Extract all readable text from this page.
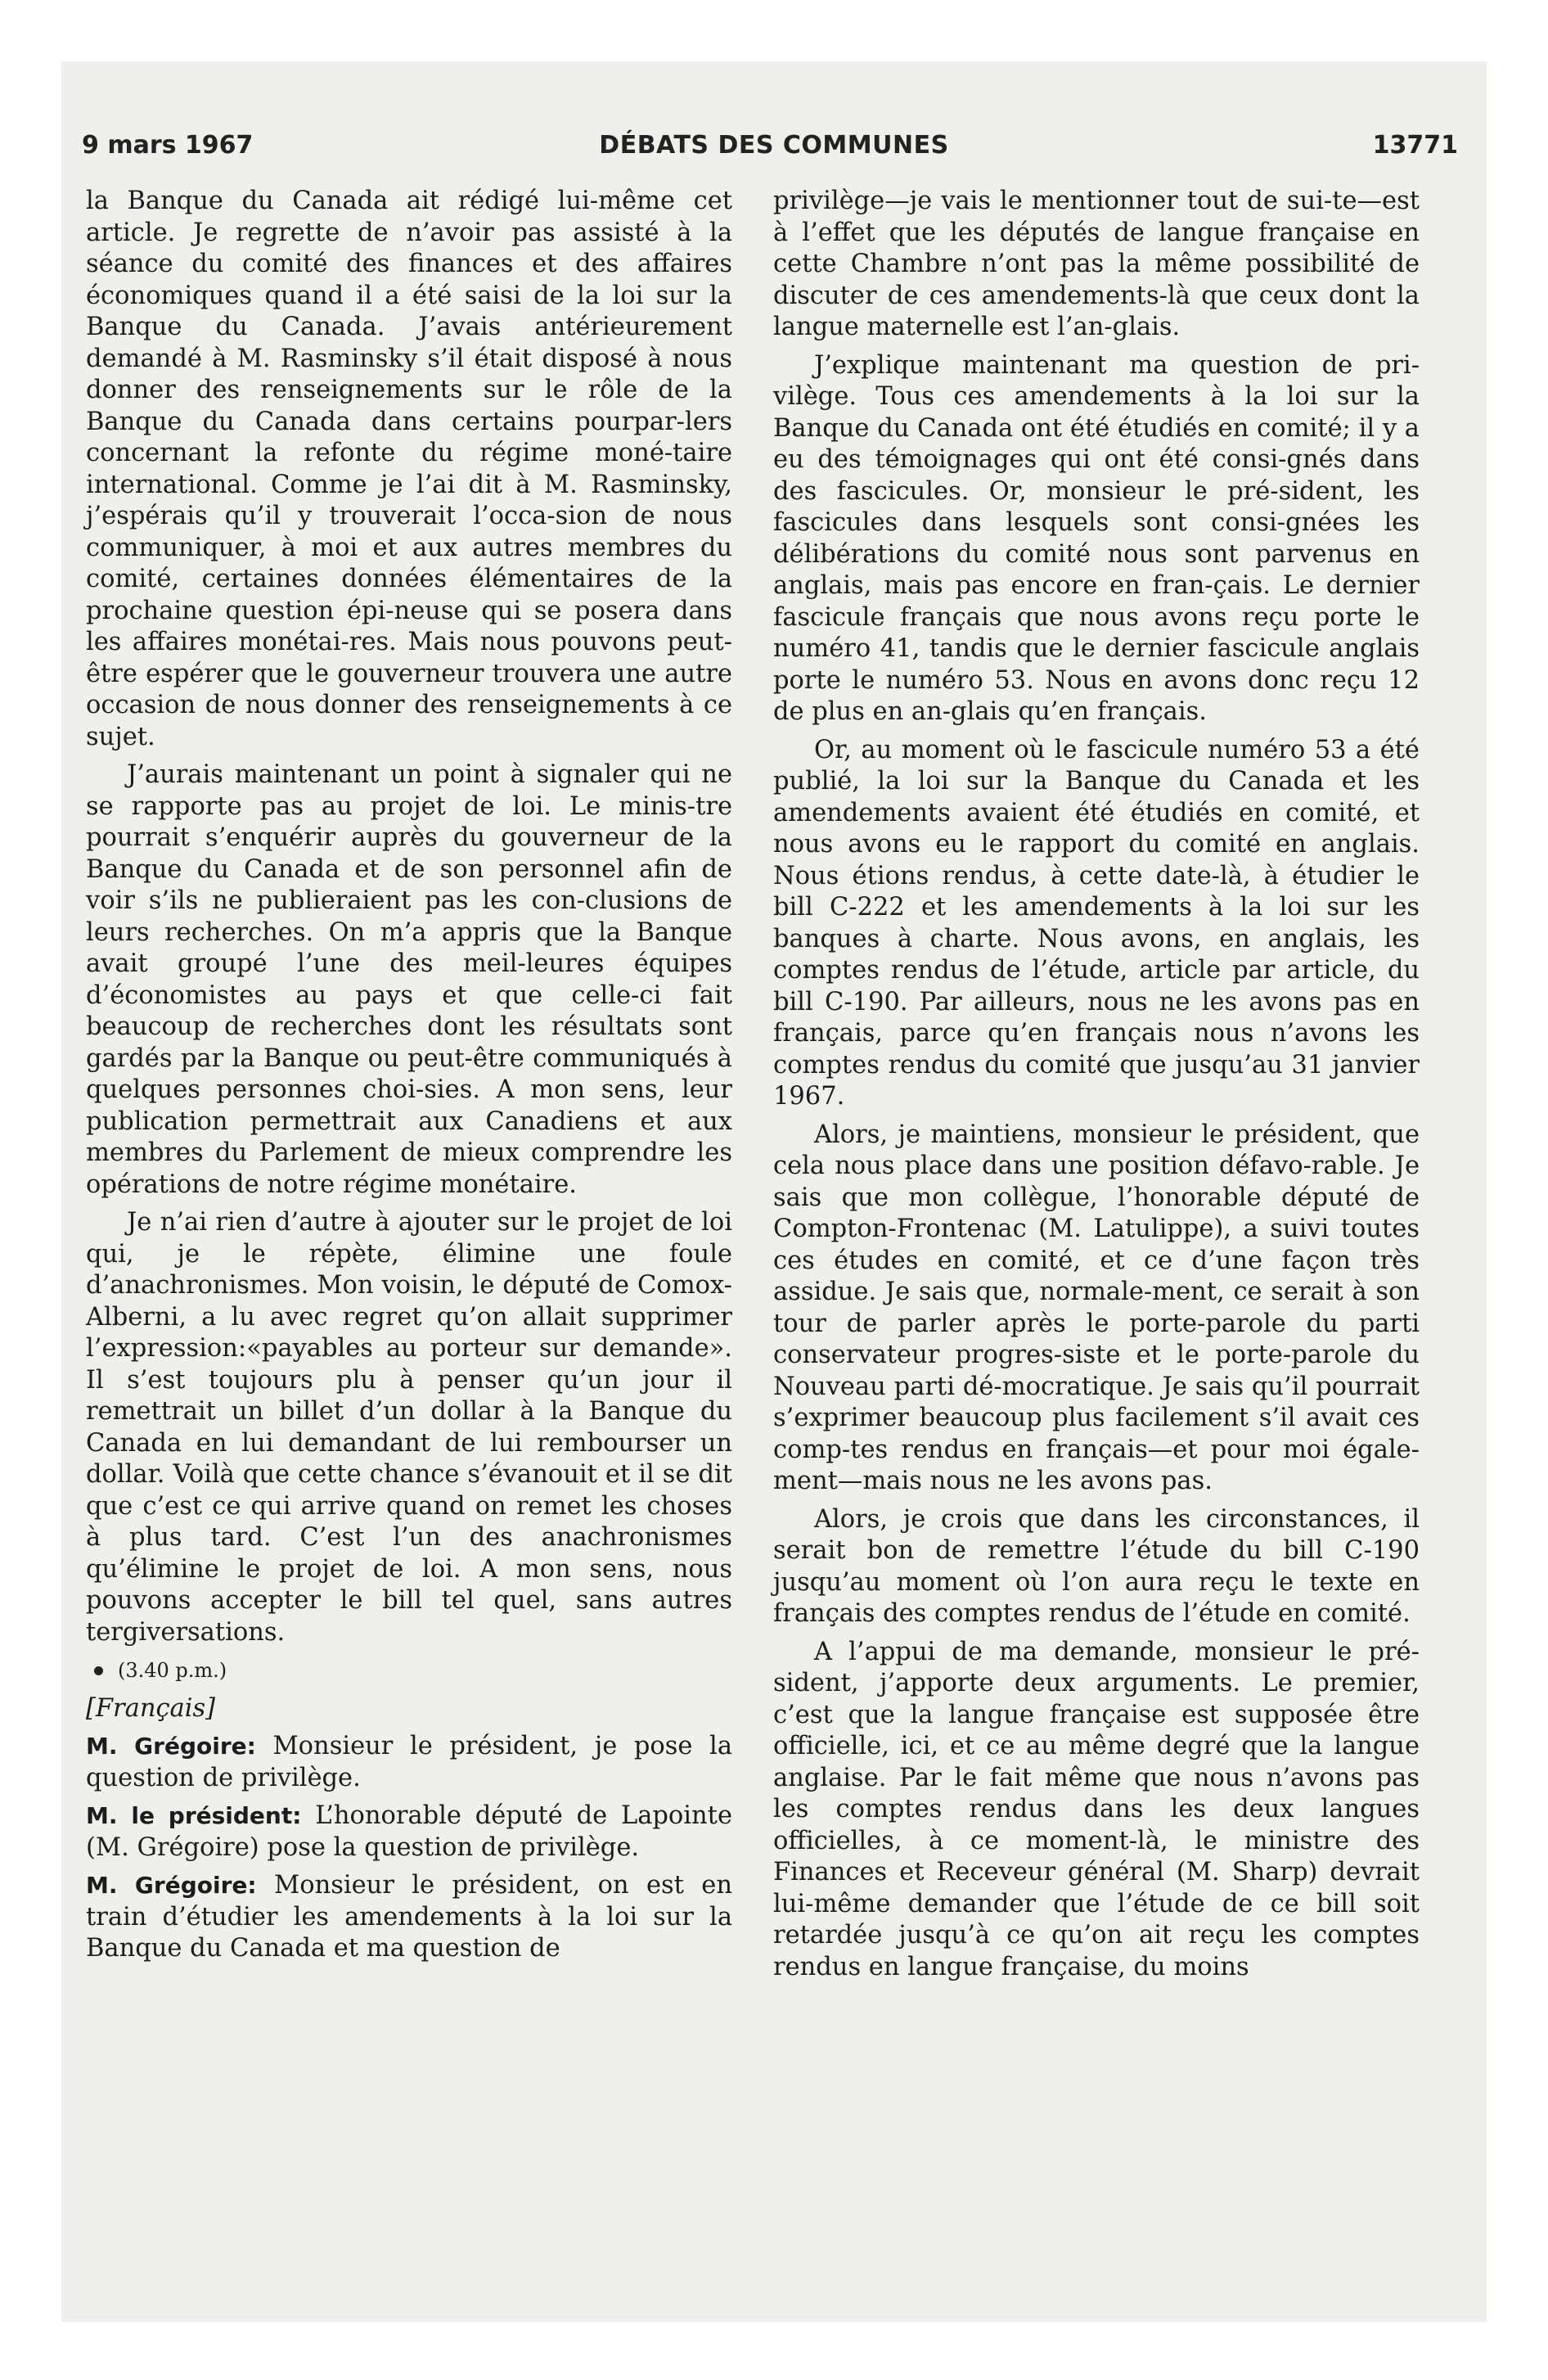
9 mars 1967	DÉBATS DES COMMUNES	13771

la Banque du Canada ait rédigé lui-même cet article. Je regrette de n’avoir pas assisté à la séance du comité des finances et des affaires économiques quand il a été saisi de la loi sur la Banque du Canada. J’avais antérieurement demandé à M. Rasminsky s’il était disposé à nous donner des renseignements sur le rôle de la Banque du Canada dans certains pourpar-lers concernant la refonte du régime moné-taire international. Comme je l’ai dit à M. Rasminsky, j’espérais qu’il y trouverait l’occa-sion de nous communiquer, à moi et aux autres membres du comité, certaines données élémentaires de la prochaine question épi-neuse qui se posera dans les affaires monétai-res. Mais nous pouvons peut-être espérer que le gouverneur trouvera une autre occasion de nous donner des renseignements à ce sujet.

J’aurais maintenant un point à signaler qui ne se rapporte pas au projet de loi. Le minis-tre pourrait s’enquérir auprès du gouverneur de la Banque du Canada et de son personnel afin de voir s’ils ne publieraient pas les con-clusions de leurs recherches. On m’a appris que la Banque avait groupé l’une des meil-leures équipes d’économistes au pays et que celle-ci fait beaucoup de recherches dont les résultats sont gardés par la Banque ou peut-être communiqués à quelques personnes choi-sies. A mon sens, leur publication permettrait aux Canadiens et aux membres du Parlement de mieux comprendre les opérations de notre régime monétaire.

Je n’ai rien d’autre à ajouter sur le projet de loi qui, je le répète, élimine une foule d’anachronismes. Mon voisin, le député de Comox-Alberni, a lu avec regret qu’on allait supprimer l’expression:«payables au porteur sur demande». Il s’est toujours plu à penser qu’un jour il remettrait un billet d’un dollar à la Banque du Canada en lui demandant de lui rembourser un dollar. Voilà que cette chance s’évanouit et il se dit que c’est ce qui arrive quand on remet les choses à plus tard. C’est l’un des anachronismes qu’élimine le projet de loi. A mon sens, nous pouvons accepter le bill tel quel, sans autres tergiversations.

(3.40 p.m.)

[Français]

M. Grégoire: Monsieur le président, je pose la question de privilège.

M. le président: L’honorable député de Lapointe (M. Grégoire) pose la question de privilège.

M. Grégoire: Monsieur le président, on est en train d’étudier les amendements à la loi sur la Banque du Canada et ma question de

privilège—je vais le mentionner tout de sui-te—est à l’effet que les députés de langue française en cette Chambre n’ont pas la même possibilité de discuter de ces amendements-là que ceux dont la langue maternelle est l’an-glais.

J’explique maintenant ma question de pri-vilège. Tous ces amendements à la loi sur la Banque du Canada ont été étudiés en comité; il y a eu des témoignages qui ont été consi-gnés dans des fascicules. Or, monsieur le pré-sident, les fascicules dans lesquels sont consi-gnées les délibérations du comité nous sont parvenus en anglais, mais pas encore en fran-çais. Le dernier fascicule français que nous avons reçu porte le numéro 41, tandis que le dernier fascicule anglais porte le numéro 53. Nous en avons donc reçu 12 de plus en an-glais qu’en français.

Or, au moment où le fascicule numéro 53 a été publié, la loi sur la Banque du Canada et les amendements avaient été étudiés en comité, et nous avons eu le rapport du comité en anglais. Nous étions rendus, à cette date-là, à étudier le bill C-222 et les amendements à la loi sur les banques à charte. Nous avons, en anglais, les comptes rendus de l’étude, article par article, du bill C-190. Par ailleurs, nous ne les avons pas en français, parce qu’en français nous n’avons les comptes rendus du comité que jusqu’au 31 janvier 1967.

Alors, je maintiens, monsieur le président, que cela nous place dans une position défavo-rable. Je sais que mon collègue, l’honorable député de Compton-Frontenac (M. Latulippe), a suivi toutes ces études en comité, et ce d’une façon très assidue. Je sais que, normale-ment, ce serait à son tour de parler après le porte-parole du parti conservateur progres-siste et le porte-parole du Nouveau parti dé-mocratique. Je sais qu’il pourrait s’exprimer beaucoup plus facilement s’il avait ces comp-tes rendus en français—et pour moi égale-ment—mais nous ne les avons pas.

Alors, je crois que dans les circonstances, il serait bon de remettre l’étude du bill C-190 jusqu’au moment où l’on aura reçu le texte en français des comptes rendus de l’étude en comité.

A l’appui de ma demande, monsieur le pré-sident, j’apporte deux arguments. Le premier, c’est que la langue française est supposée être officielle, ici, et ce au même degré que la langue anglaise. Par le fait même que nous n’avons pas les comptes rendus dans les deux langues officielles, à ce moment-là, le ministre des Finances et Receveur général (M. Sharp) devrait lui-même demander que l’étude de ce bill soit retardée jusqu’à ce qu’on ait reçu les comptes rendus en langue française, du moins
